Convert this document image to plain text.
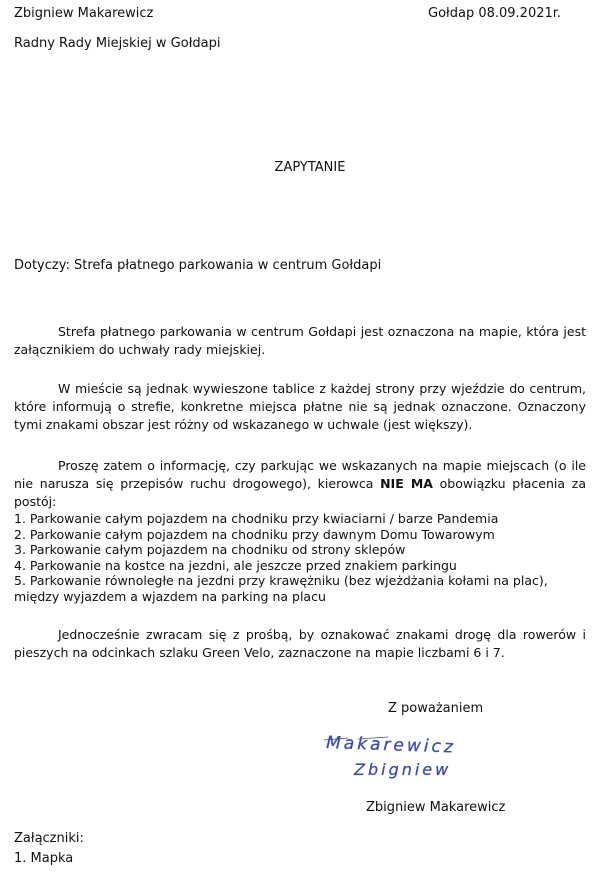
Zbigniew Makarewicz	Gołdap 08.09.2021r.
Radny Rady Miejskiej w Gołdapi
ZAPYTANIE
Dotyczy: Strefa płatnego parkowania w centrum Gołdapi
Strefa płatnego parkowania w centrum Gołdapi jest oznaczona na mapie, która jest załącznikiem do uchwały rady miejskiej.
W mieście są jednak wywieszone tablice z każdej strony przy wjeździe do centrum, które informują o strefie, konkretne miejsca płatne nie są jednak oznaczone. Oznaczony tymi znakami obszar jest różny od wskazanego w uchwale (jest większy).
Proszę zatem o informację, czy parkując we wskazanych na mapie miejscach (o ile nie narusza się przepisów ruchu drogowego), kierowca NIE MA obowiązku płacenia za postój:
1. Parkowanie całym pojazdem na chodniku przy kwiaciarni / barze Pandemia
2. Parkowanie całym pojazdem na chodniku przy dawnym Domu Towarowym
3. Parkowanie całym pojazdem na chodniku od strony sklepów
4. Parkowanie na kostce na jezdni, ale jeszcze przed znakiem parkingu
5. Parkowanie równoległe na jezdni przy krawężniku (bez wjeżdżania kołami na plac), między wyjazdem a wjazdem na parking na placu
Jednocześnie zwracam się z prośbą, by oznakować znakami drogę dla rowerów i pieszych na odcinkach szlaku Green Velo, zaznaczone na mapie liczbami 6 i 7.
Z poważaniem
Makarewicz
Zbigniew
Zbigniew Makarewicz
Załączniki:
1. Mapka
